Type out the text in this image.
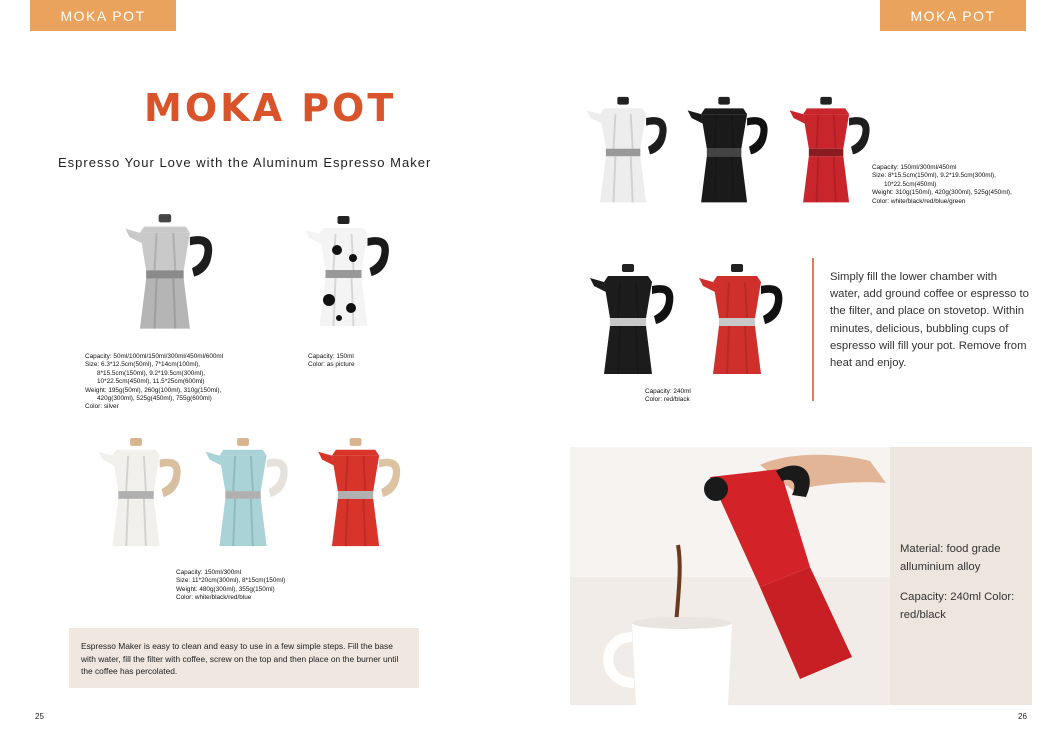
MOKA POT	MOKA POT
MOKA POT
Espresso Your Love with the Aluminum Espresso Maker
Capacity: 50ml/100ml/150ml/300ml/450ml/600ml
Size: 6.3*12.5cm(50ml), 7*14cm(100ml),

8*15.5cm(150ml), 9.2*19.5cm(300ml),
10*22.5cm(450ml), 11.5*25cm(600ml)
Weight: 195g(50ml), 260g(100ml), 310g(150ml),

420g(300ml), 525g(450ml), 755g(600ml)
Color: silver
Capacity: 150ml
Color: as picture
Capacity: 150ml/300ml
Size: 11*20cm(300ml), 8*15cm(150ml)
Weight: 480g(300ml), 355g(150ml)
Color: white/black/red/blue
Espresso Maker is easy to clean and easy to use in a few simple steps. Fill the base with water, fill the filter with coffee, screw on the top and then place on the burner until the coffee has percolated.
Capacity: 150ml/300ml/450ml
Size: 8*15.5cm(150ml), 9.2*19.5cm(300ml),

10*22.5cm(450ml)
Weight: 310g(150ml), 420g(300ml), 525g(450ml),
Color: white/black/red/blue/green
Capacity: 240ml
Color: red/black
Simply fill the lower chamber with water, add ground coffee or espresso to the filter, and place on stovetop. Within minutes, delicious, bubbling cups of espresso will fill your pot. Remove from heat and enjoy.
Material: food grade alluminium alloy
Capacity: 240ml Color: red/black
25	26
